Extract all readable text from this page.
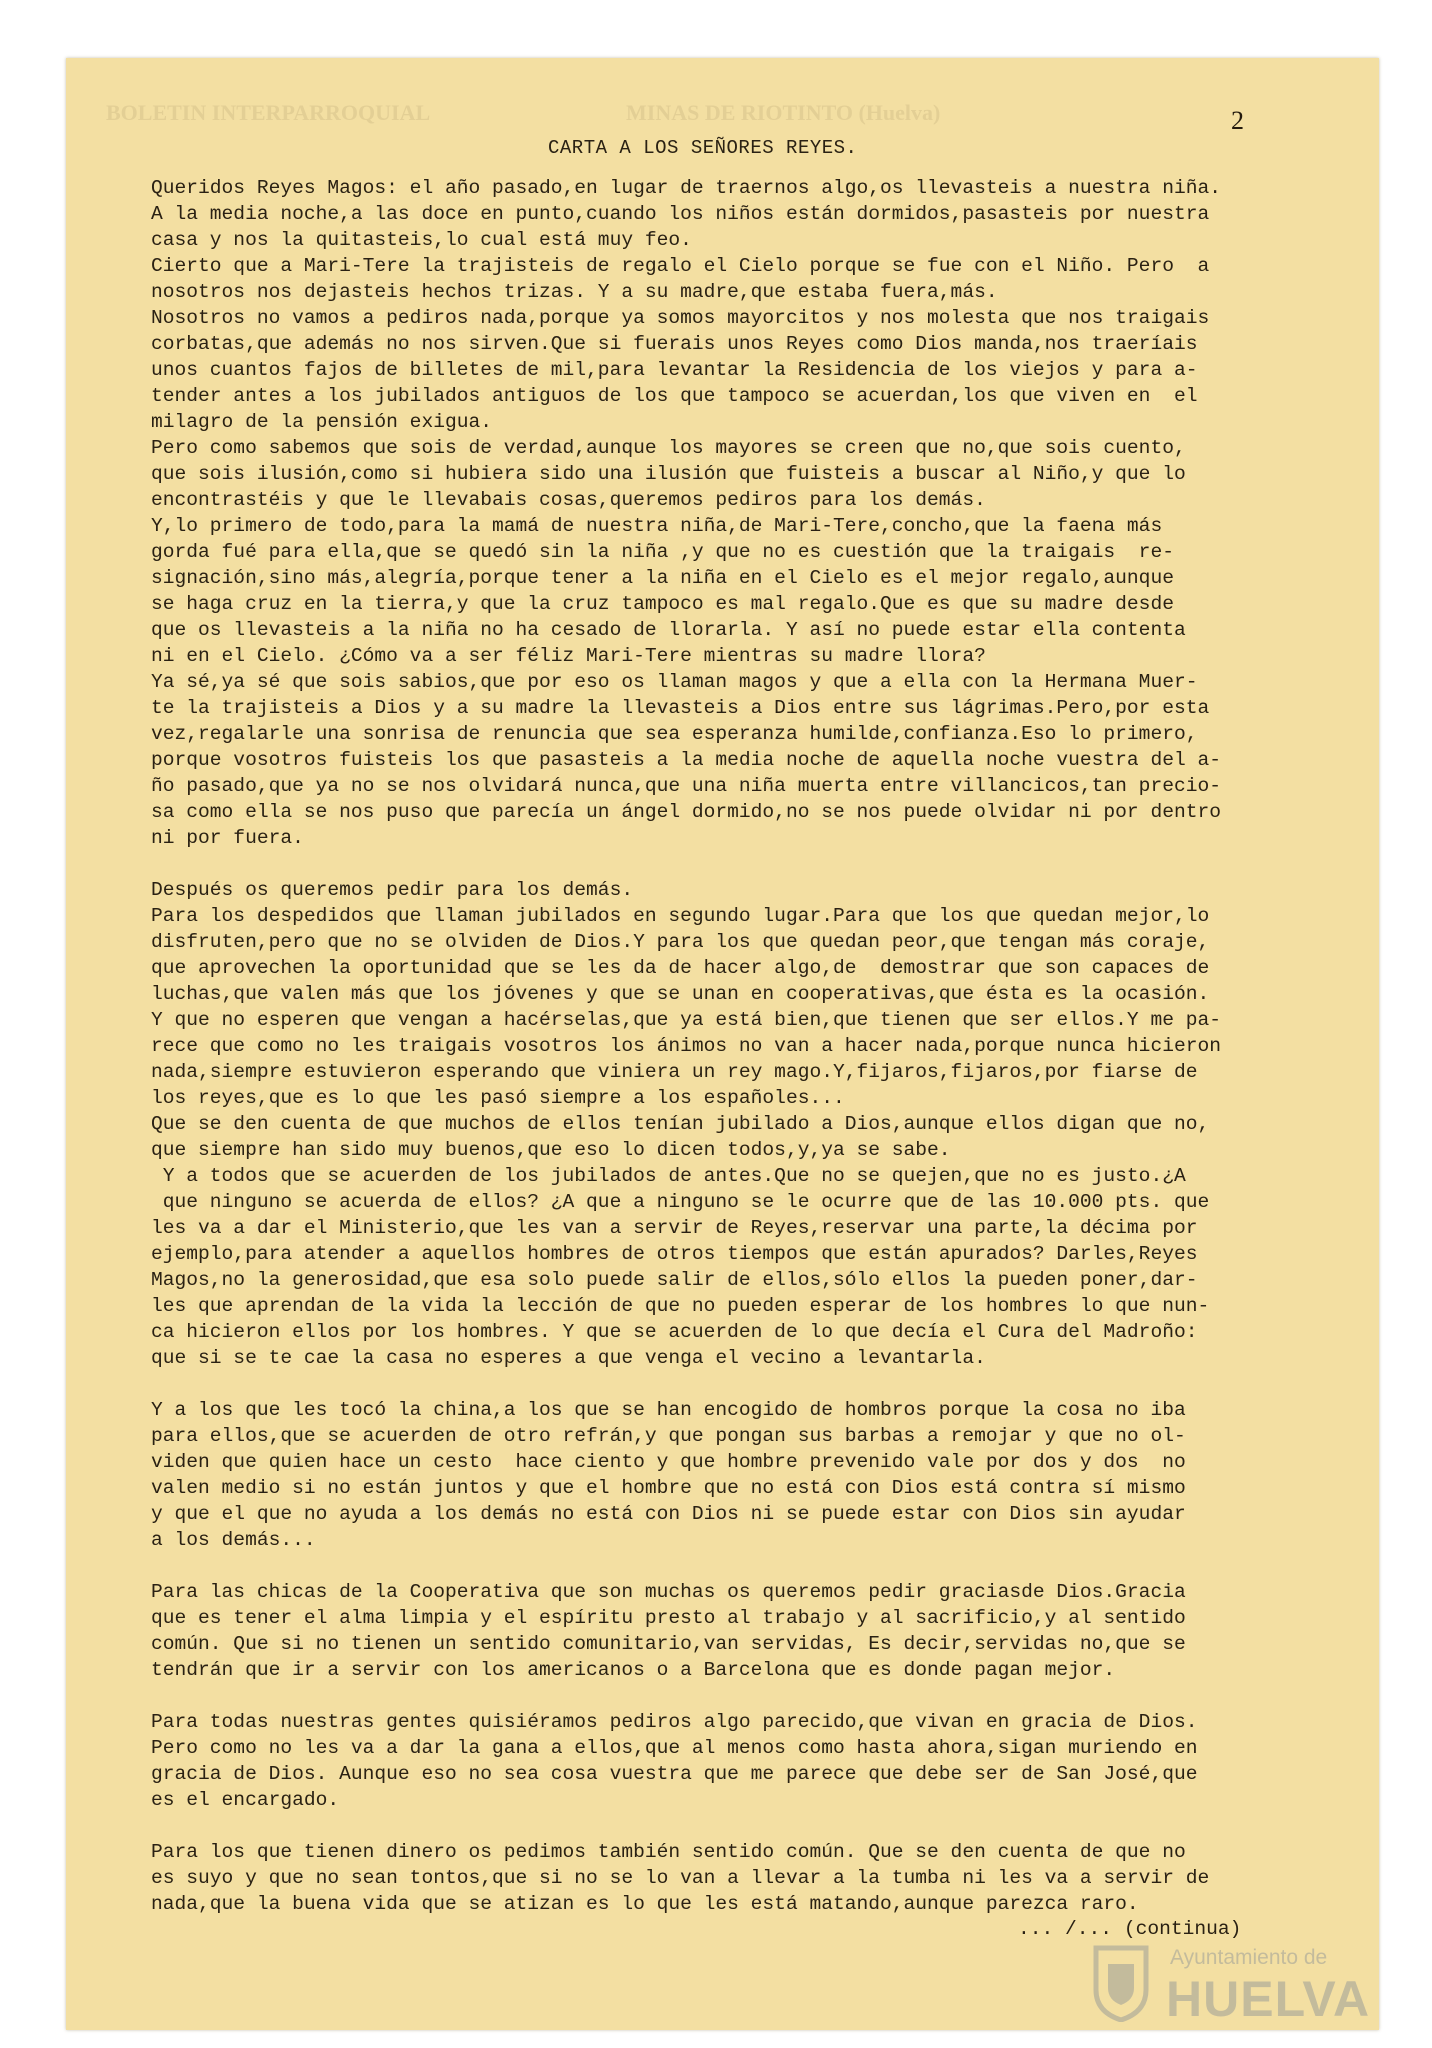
BOLETIN INTERPARROQUIAL	MINAS DE RIOTINTO (Huelva)	2
CARTA A LOS SEÑORES REYES.
Queridos Reyes Magos: el año pasado,en lugar de traernos algo,os llevasteis a nuestra niña.
A la media noche,a las doce en punto,cuando los niños están dormidos,pasasteis por nuestra
casa y nos la quitasteis,lo cual está muy feo.
Cierto que a Mari-Tere la trajisteis de regalo el Cielo porque se fue con el Niño. Pero  a
nosotros nos dejasteis hechos trizas. Y a su madre,que estaba fuera,más.
Nosotros no vamos a pediros nada,porque ya somos mayorcitos y nos molesta que nos traigais
corbatas,que además no nos sirven.Que si fuerais unos Reyes como Dios manda,nos traeríais
unos cuantos fajos de billetes de mil,para levantar la Residencia de los viejos y para a-
tender antes a los jubilados antiguos de los que tampoco se acuerdan,los que viven en  el
milagro de la pensión exigua.
Pero como sabemos que sois de verdad,aunque los mayores se creen que no,que sois cuento,
que sois ilusión,como si hubiera sido una ilusión que fuisteis a buscar al Niño,y que lo
encontrastéis y que le llevabais cosas,queremos pediros para los demás.
Y,lo primero de todo,para la mamá de nuestra niña,de Mari-Tere,concho,que la faena más
gorda fué para ella,que se quedó sin la niña ,y que no es cuestión que la traigais  re-
signación,sino más,alegría,porque tener a la niña en el Cielo es el mejor regalo,aunque
se haga cruz en la tierra,y que la cruz tampoco es mal regalo.Que es que su madre desde
que os llevasteis a la niña no ha cesado de llorarla. Y así no puede estar ella contenta
ni en el Cielo. ¿Cómo va a ser féliz Mari-Tere mientras su madre llora?
Ya sé,ya sé que sois sabios,que por eso os llaman magos y que a ella con la Hermana Muer-
te la trajisteis a Dios y a su madre la llevasteis a Dios entre sus lágrimas.Pero,por esta
vez,regalarle una sonrisa de renuncia que sea esperanza humilde,confianza.Eso lo primero,
porque vosotros fuisteis los que pasasteis a la media noche de aquella noche vuestra del a-
ño pasado,que ya no se nos olvidará nunca,que una niña muerta entre villancicos,tan precio-
sa como ella se nos puso que parecía un ángel dormido,no se nos puede olvidar ni por dentro
ni por fuera.
Después os queremos pedir para los demás.
Para los despedidos que llaman jubilados en segundo lugar.Para que los que quedan mejor,lo
disfruten,pero que no se olviden de Dios.Y para los que quedan peor,que tengan más coraje,
que aprovechen la oportunidad que se les da de hacer algo,de  demostrar que son capaces de
luchas,que valen más que los jóvenes y que se unan en cooperativas,que ésta es la ocasión.
Y que no esperen que vengan a hacérselas,que ya está bien,que tienen que ser ellos.Y me pa-
rece que como no les traigais vosotros los ánimos no van a hacer nada,porque nunca hicieron
nada,siempre estuvieron esperando que viniera un rey mago.Y,fijaros,fijaros,por fiarse de
los reyes,que es lo que les pasó siempre a los españoles...
Que se den cuenta de que muchos de ellos tenían jubilado a Dios,aunque ellos digan que no,
que siempre han sido muy buenos,que eso lo dicen todos,y,ya se sabe.
Y a todos que se acuerden de los jubilados de antes.Que no se quejen,que no es justo.¿A
que ninguno se acuerda de ellos? ¿A que a ninguno se le ocurre que de las 10.000 pts. que
les va a dar el Ministerio,que les van a servir de Reyes,reservar una parte,la décima por
ejemplo,para atender a aquellos hombres de otros tiempos que están apurados? Darles,Reyes
Magos,no la generosidad,que esa solo puede salir de ellos,sólo ellos la pueden poner,dar-
les que aprendan de la vida la lección de que no pueden esperar de los hombres lo que nun-
ca hicieron ellos por los hombres. Y que se acuerden de lo que decía el Cura del Madroño:
que si se te cae la casa no esperes a que venga el vecino a levantarla.
Y a los que les tocó la china,a los que se han encogido de hombros porque la cosa no iba
para ellos,que se acuerden de otro refrán,y que pongan sus barbas a remojar y que no ol-
viden que quien hace un cesto  hace ciento y que hombre prevenido vale por dos y dos  no
valen medio si no están juntos y que el hombre que no está con Dios está contra sí mismo
y que el que no ayuda a los demás no está con Dios ni se puede estar con Dios sin ayudar
a los demás...
Para las chicas de la Cooperativa que son muchas os queremos pedir graciasde Dios.Gracia
que es tener el alma limpia y el espíritu presto al trabajo y al sacrificio,y al sentido
común. Que si no tienen un sentido comunitario,van servidas, Es decir,servidas no,que se
tendrán que ir a servir con los americanos o a Barcelona que es donde pagan mejor.
Para todas nuestras gentes quisiéramos pediros algo parecido,que vivan en gracia de Dios.
Pero como no les va a dar la gana a ellos,que al menos como hasta ahora,sigan muriendo en
gracia de Dios. Aunque eso no sea cosa vuestra que me parece que debe ser de San José,que
es el encargado.
Para los que tienen dinero os pedimos también sentido común. Que se den cuenta de que no
es suyo y que no sean tontos,que si no se lo van a llevar a la tumba ni les va a servir de
nada,que la buena vida que se atizan es lo que les está matando,aunque parezca raro.
... /... (continua)
Ayuntamiento de
HUELVA
